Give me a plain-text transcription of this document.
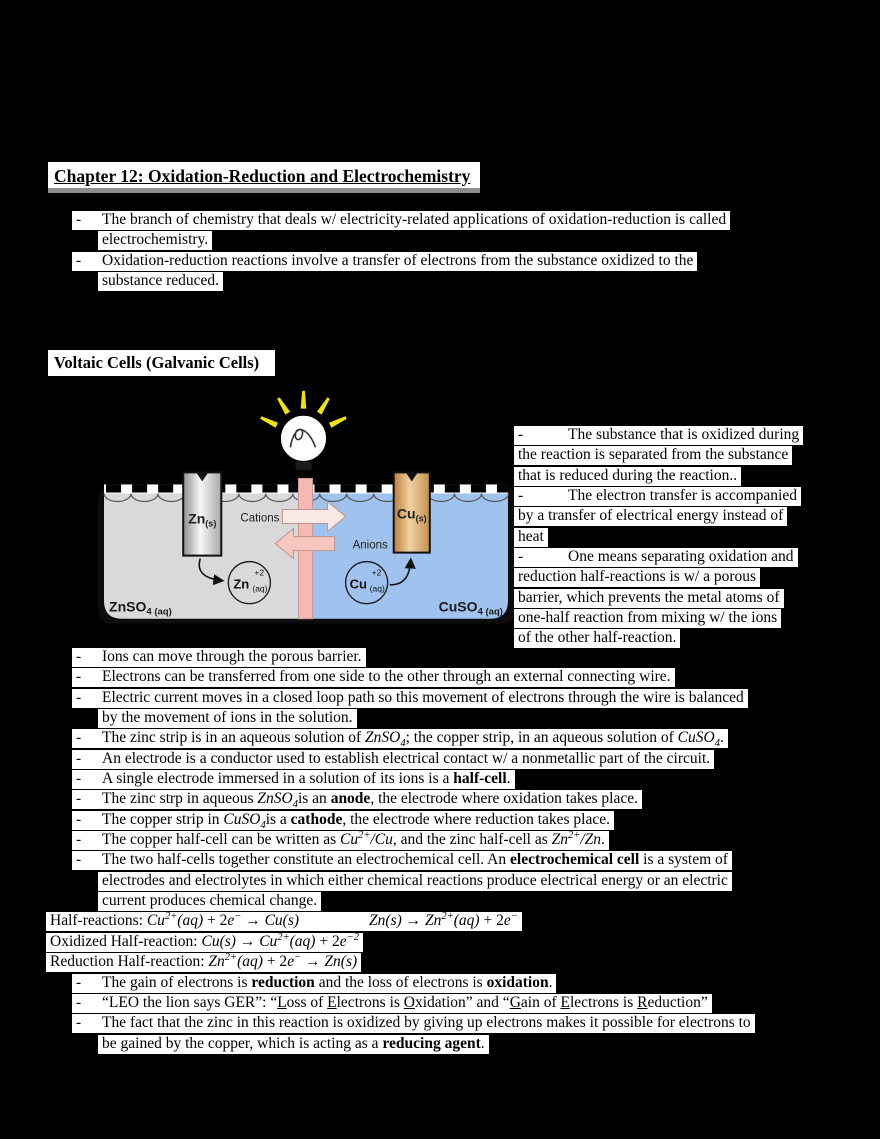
Chapter 12: Oxidation-Reduction and Electrochemistry
- The branch of chemistry that deals w/ electricity-related applications of oxidation-reduction is called
electrochemistry.
- Oxidation-reduction reactions involve a transfer of electrons from the substance oxidized to the
substance reduced.
Voltaic Cells (Galvanic Cells)
$Zn_{(s)}$
$Cu_{(s)}$
Cations
Anions
Zn
+2
(aq)	Cu
+2
(aq)
ZnSO$_4$ (aq)	CuSO$_4$ (aq)
-	The substance that is oxidized during
the reaction is separated from the substance
that is reduced during the reaction..
-	The electron transfer is accompanied
by a transfer of electrical energy instead of
heat
-	One means separating oxidation and
reduction half-reactions is w/ a porous
barrier, which prevents the metal atoms of
one-half reaction from mixing w/ the ions
of the other half-reaction.
- Ions can move through the porous barrier.
- Electrons can be transferred from one side to the other through an external connecting wire.
- Electric current moves in a closed loop path so this movement of electrons through the wire is balanced
by the movement of ions in the solution.
- The zinc strip is in an aqueous solution of ZnSO$_4$; the copper strip, in an aqueous solution of CuSO$_4$.
- An electrode is a conductor used to establish electrical contact w/ a nonmetallic part of the circuit.
- A single electrode immersed in a solution of its ions is a half-cell.
- The zinc strp in aqueous ZnSO$_4$is an anode, the electrode where oxidation takes place.
- The copper strip in CuSO$_4$is a cathode, the electrode where reduction takes place.
- The copper half-cell can be written as $Cu^{2+}/Cu$, and the zinc half-cell as $Zn^{2+}/Zn$.
- The two half-cells together constitute an electrochemical cell. An electrochemical cell is a system of
electrodes and electrolytes in which either chemical reactions produce electrical energy or an electric
current produces chemical change.
Half-reactions: $Cu^{2+}(aq) + 2e^- \to Cu(s)$	$Zn(s) \to Zn^{2+}(aq) + 2e^-$
Oxidized Half-reaction: $Cu(s) \to Cu^{2+}(aq) + 2e^{-2}$
Reduction Half-reaction: $Zn^{2+}(aq) + 2e^- \to Zn(s)$
- The gain of electrons is reduction and the loss of electrons is oxidation.
- “LEO the lion says GER”: “Loss of Electrons is Oxidation” and “Gain of Electrons is Reduction”
- The fact that the zinc in this reaction is oxidized by giving up electrons makes it possible for electrons to
be gained by the copper, which is acting as a reducing agent.
